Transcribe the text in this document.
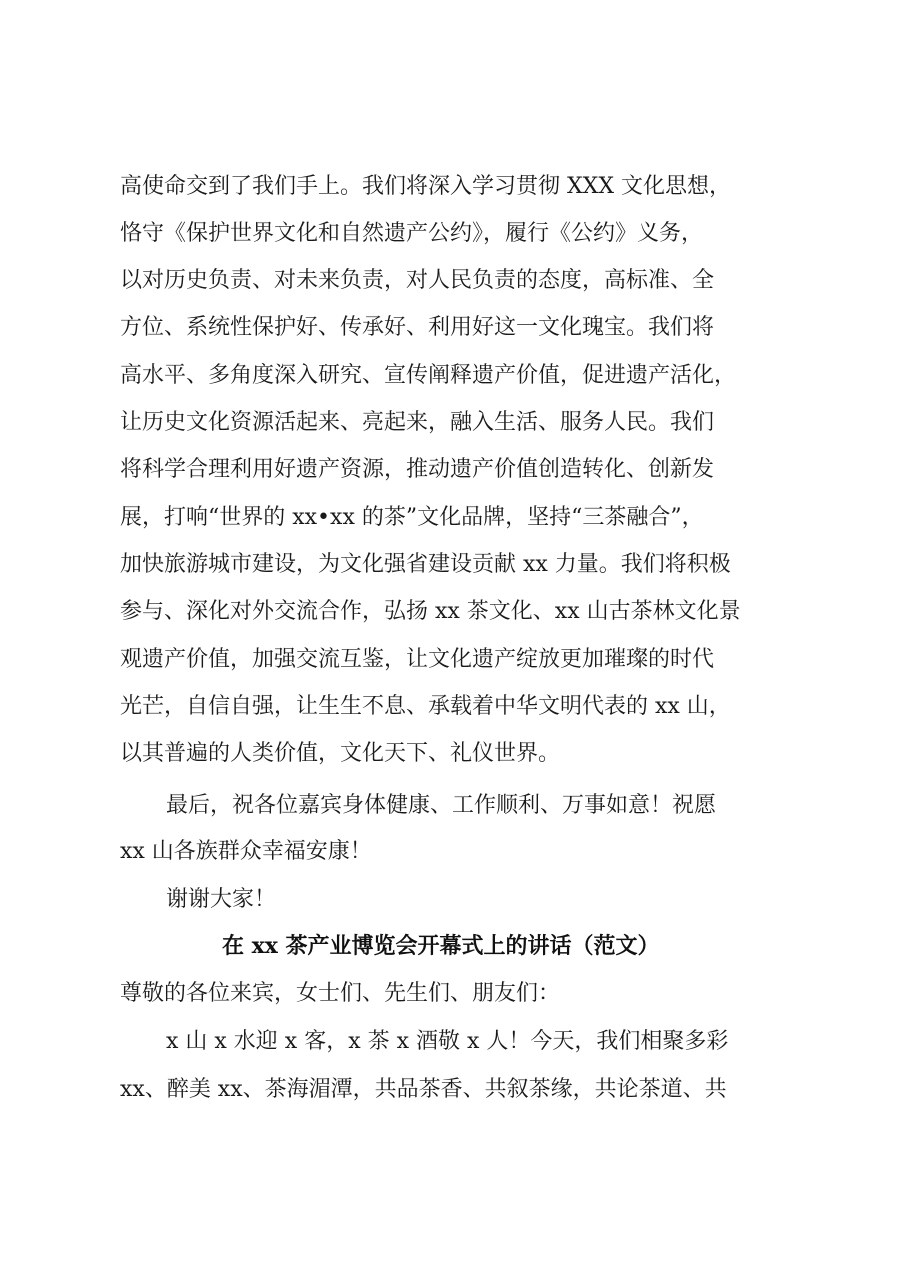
高使命交到了我们手上。我们将深入学习贯彻 XXX 文化思想，
恪守《保护世界文化和自然遗产公约》，履行《公约》义务，
以对历史负责、对未来负责，对人民负责的态度，高标准、全
方位、系统性保护好、传承好、利用好这一文化瑰宝。我们将
高水平、多角度深入研究、宣传阐释遗产价值，促进遗产活化，
让历史文化资源活起来、亮起来，融入生活、服务人民。我们
将科学合理利用好遗产资源，推动遗产价值创造转化、创新发
展，打响“世界的 xx•xx 的茶”文化品牌，坚持“三茶融合”，
加快旅游城市建设，为文化强省建设贡献 xx 力量。我们将积极
参与、深化对外交流合作，弘扬 xx 茶文化、xx 山古茶林文化景
观遗产价值，加强交流互鉴，让文化遗产绽放更加璀璨的时代
光芒，自信自强，让生生不息、承载着中华文明代表的 xx 山，
以其普遍的人类价值，文化天下、礼仪世界。
最后，祝各位嘉宾身体健康、工作顺利、万事如意！祝愿
xx 山各族群众幸福安康！
谢谢大家！
在 xx 茶产业博览会开幕式上的讲话（范文）
尊敬的各位来宾，女士们、先生们、朋友们：
x 山 x 水迎 x 客，x 茶 x 酒敬 x 人！今天，我们相聚多彩
xx、醉美 xx、茶海湄潭，共品茶香、共叙茶缘，共论茶道、共
